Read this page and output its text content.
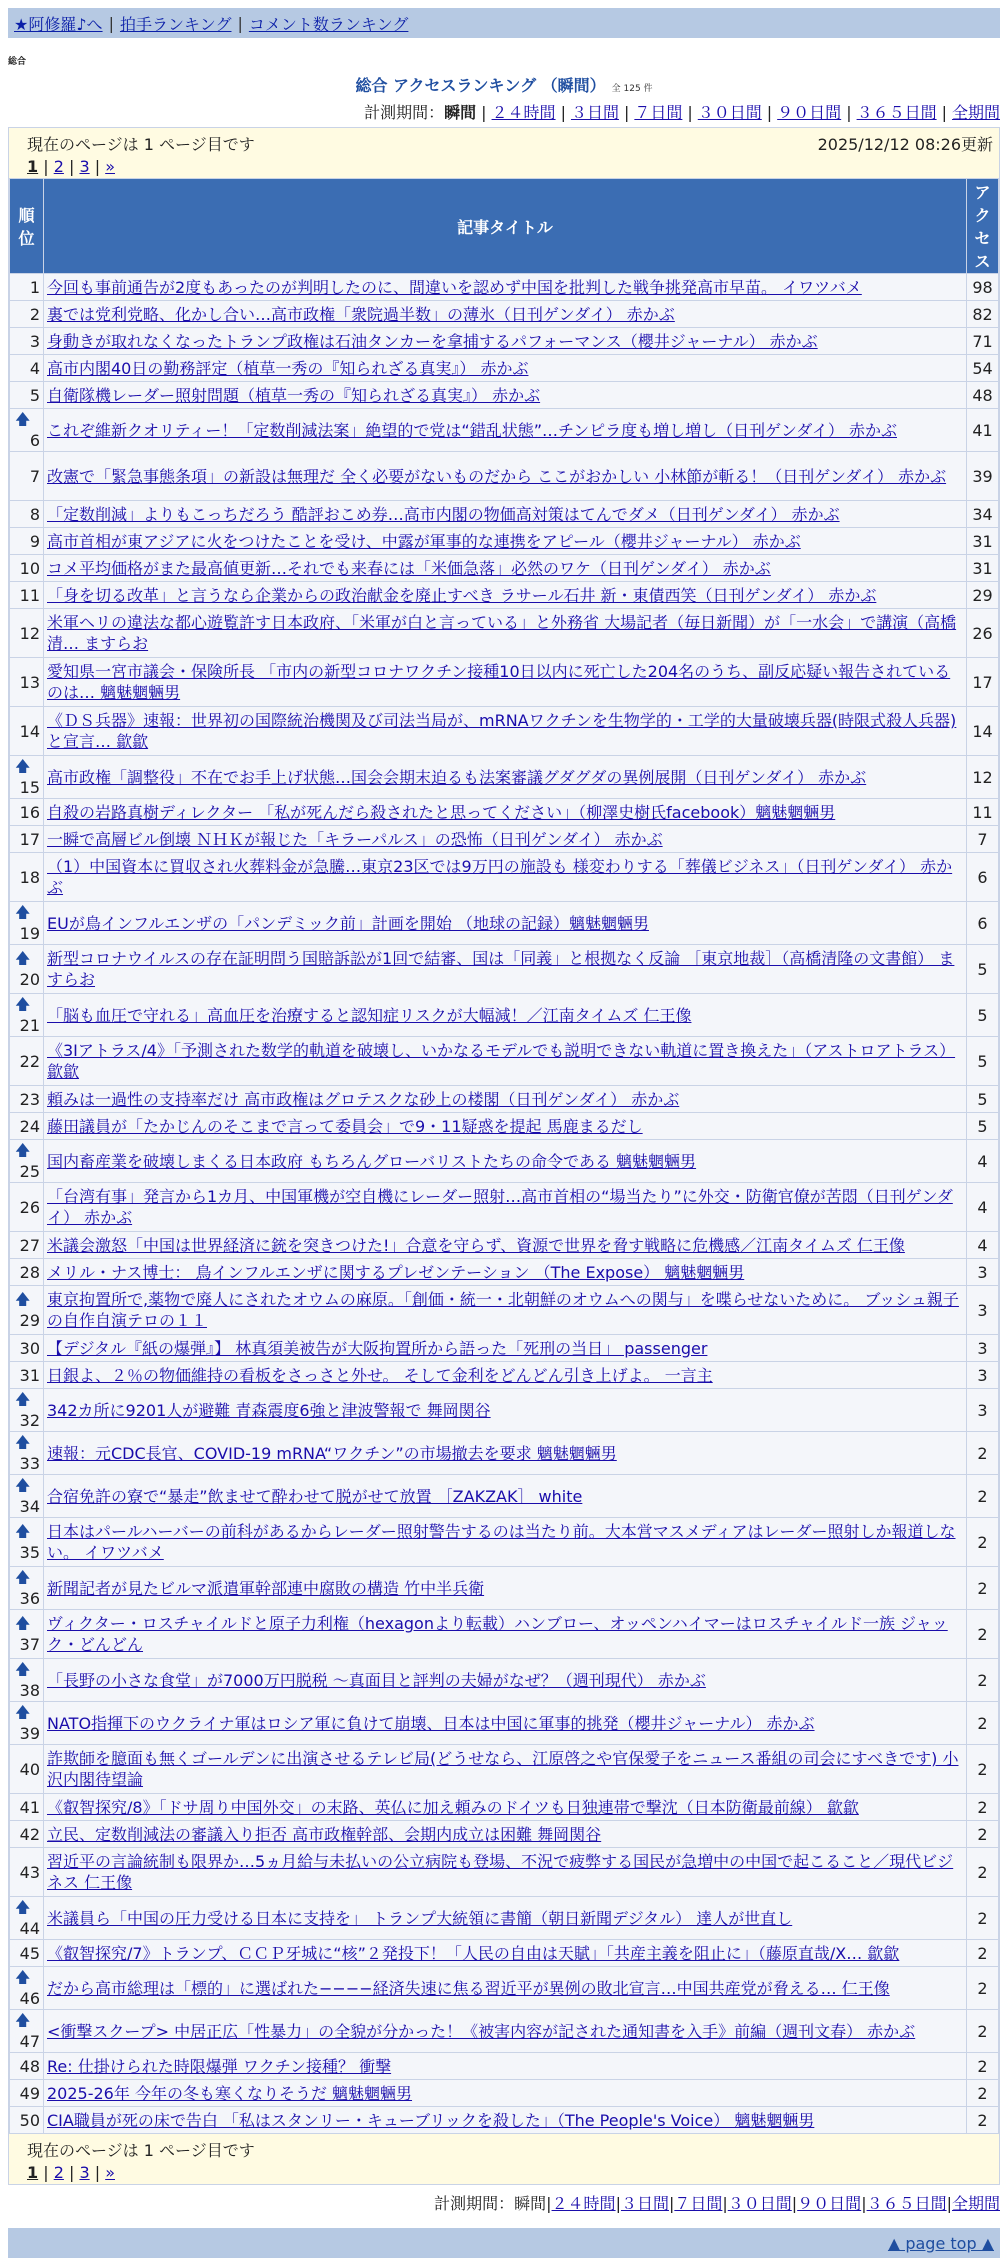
★阿修羅♪へ | 拍手ランキング | コメント数ランキング
総合
総合 アクセスランキング （瞬間） 全 125 件
計測期間：瞬間 | ２４時間 | ３日間 | ７日間 | ３０日間 | ９０日間 | ３６５日間 | 全期間
現在のページは 1 ページ目です	2025/12/12 08:26更新
1 | 2 | 3 | »
順位	記事タイトル	アクセス
1	今回も事前通告が2度もあったのが判明したのに、間違いを認めず中国を批判した戦争挑発高市早苗。 イワツバメ	98
2	裏では党利党略、化かし合い…高市政権「衆院過半数」の薄氷（日刊ゲンダイ） 赤かぶ	82
3	身動きが取れなくなったトランプ政権は石油タンカーを拿捕するパフォーマンス（櫻井ジャーナル） 赤かぶ	71
4	高市内閣40日の勤務評定（植草一秀の『知られざる真実』） 赤かぶ	54
5	自衛隊機レーダー照射問題（植草一秀の『知られざる真実』） 赤かぶ	48

🡅
6	これぞ維新クオリティー！「定数削減法案」絶望的で党は“錯乱状態”…チンピラ度も増し増し（日刊ゲンダイ） 赤かぶ	41
7	改憲で「緊急事態条項」の新設は無理だ 全く必要がないものだから ここがおかしい 小林節が斬る！（日刊ゲンダイ） 赤かぶ	39
8	「定数削減」よりもこっちだろう 酷評おこめ券…高市内閣の物価高対策はてんでダメ（日刊ゲンダイ） 赤かぶ	34
9	高市首相が東アジアに火をつけたことを受け、中露が軍事的な連携をアピール（櫻井ジャーナル） 赤かぶ	31
10	コメ平均価格がまた最高値更新…それでも来春には「米価急落」必然のワケ（日刊ゲンダイ） 赤かぶ	31
11	「身を切る改革」と言うなら企業からの政治献金を廃止すべき ラサール石井 新・東債西笑（日刊ゲンダイ） 赤かぶ	29
12	米軍ヘリの違法な都心遊覧許す日本政府、「米軍が白と言っている」と外務省 大場記者（毎日新聞）が「一水会」で講演（高橋清… ますらお	26
13	愛知県一宮市議会・保険所長 「市内の新型コロナワクチン接種10日以内に死亡した204名のうち、副反応疑い報告されているのは… 魑魅魍魎男	17
14	《ＤＳ兵器》速報：世界初の国際統治機関及び司法当局が、mRNAワクチンを生物学的・工学的大量破壊兵器(時限式殺人兵器)と宣言… 歙歙	14

🡅
15	高市政権「調整役」不在でお手上げ状態…国会会期末迫るも法案審議グダグダの異例展開（日刊ゲンダイ） 赤かぶ	12
16	自殺の岩路真樹ディレクター 「私が死んだら殺されたと思ってください」（柳澤史樹氏facebook）魑魅魍魎男	11
17	一瞬で高層ビル倒壊 ＮＨＫが報じた「キラーパルス」の恐怖（日刊ゲンダイ） 赤かぶ	7
18	（1）中国資本に買収され火葬料金が急騰…東京23区では9万円の施設も 様変わりする「葬儀ビジネス」（日刊ゲンダイ） 赤かぶ	6

🡅
19	EUが鳥インフルエンザの「パンデミック前」計画を開始 （地球の記録）魑魅魍魎男	6

🡅
20	新型コロナウイルスの存在証明問う国賠訴訟が1回で結審、国は「同義」と根拠なく反論 ［東京地裁］（高橋清隆の文書館） ますらお	5

🡅
21	「脳も血圧で守れる」高血圧を治療すると認知症リスクが大幅減！／江南タイムズ 仁王像	5
22	《3Iアトラス/4》「予測された数学的軌道を破壊し、いかなるモデルでも説明できない軌道に置き換えた」（アストロアトラス） 歙歙	5
23	頼みは一過性の支持率だけ 高市政権はグロテスクな砂上の楼閣（日刊ゲンダイ） 赤かぶ	5
24	藤田議員が「たかじんのそこまで言って委員会」で9・11疑惑を提起 馬鹿まるだし	5

🡅
25	国内畜産業を破壊しまくる日本政府 もちろんグローバリストたちの命令である 魑魅魍魎男	4
26	「台湾有事」発言から1カ月、中国軍機が空自機にレーダー照射…高市首相の“場当たり”に外交・防衛官僚が苦悶（日刊ゲンダイ） 赤かぶ	4
27	米議会激怒「中国は世界経済に銃を突きつけた!」合意を守らず、資源で世界を脅す戦略に危機感／江南タイムズ 仁王像	4
28	メリル・ナス博士： 鳥インフルエンザに関するプレゼンテーション （The Expose） 魑魅魍魎男	3

🡅
29	東京拘置所で,薬物で廃人にされたオウムの麻原。「創価・統一・北朝鮮のオウムへの関与」を喋らせないために。 ブッシュ親子の自作自演テロの１１	3
30	【デジタル『紙の爆弾』】 林真須美被告が大阪拘置所から語った「死刑の当日」 passenger	3
31	日銀よ、２％の物価維持の看板をさっさと外せ。 そして金利をどんどん引き上げよ。 一言主	3

🡅
32	342カ所に9201人が避難 青森震度6強と津波警報で 舞岡関谷	3

🡅
33	速報：元CDC長官、COVID-19 mRNA“ワクチン”の市場撤去を要求 魑魅魍魎男	2

🡅
34	合宿免許の寮で“暴走”飲ませて酔わせて脱がせて放置 ［ZAKZAK］ white	2

🡅
35	日本はパールハーバーの前科があるからレーダー照射警告するのは当たり前。大本営マスメディアはレーダー照射しか報道しない。 イワツバメ	2

🡅
36	新聞記者が見たビルマ派遣軍幹部連中腐敗の構造 竹中半兵衛	2

🡅
37	ヴィクター・ロスチャイルドと原子力利権（hexagonより転載）ハンブロー、オッペンハイマーはロスチャイルド一族 ジャック・どんどん	2

🡅
38	「長野の小さな食堂」が7000万円脱税 〜真面目と評判の夫婦がなぜ？（週刊現代） 赤かぶ	2

🡅
39	NATO指揮下のウクライナ軍はロシア軍に負けて崩壊、日本は中国に軍事的挑発（櫻井ジャーナル） 赤かぶ	2
40	詐欺師を臆面も無くゴールデンに出演させるテレビ局(どうせなら、江原啓之や官保愛子をニュース番組の司会にすべきです) 小沢内閣待望論	2
41	《叡智探究/8》「ドサ周り中国外交」の末路、英仏に加え頼みのドイツも日独連帯で撃沈（日本防衛最前線） 歙歙	2
42	立民、定数削減法の審議入り拒否 高市政権幹部、会期内成立は困難 舞岡関谷	2
43	習近平の言論統制も限界か…5ヵ月給与未払いの公立病院も登場、不況で疲弊する国民が急増中の中国で起こること／現代ビジネス 仁王像	2

🡅
44	米議員ら「中国の圧力受ける日本に支持を」 トランプ大統領に書簡（朝日新聞デジタル） 達人が世直し	2
45	《叡智探究/7》トランプ、ＣＣＰ牙城に“核”２発投下！「人民の自由は天賦」「共産主義を阻止に」（藤原直哉/X… 歙歙	2

🡅
46	だから高市総理は「標的」に選ばれた−−−−経済失速に焦る習近平が異例の敗北宣言…中国共産党が脅える… 仁王像	2

🡅
47	<衝撃スクープ> 中居正広「性暴力」の全貌が分かった！《被害内容が記された通知書を入手》前編（週刊文春） 赤かぶ	2
48	Re: 仕掛けられた時限爆弾 ワクチン接種？ 衝撃	2
49	2025-26年 今年の冬も寒くなりそうだ 魑魅魍魎男	2
50	CIA職員が死の床で告白 「私はスタンリー・キューブリックを殺した」（The People's Voice） 魑魅魍魎男	2
現在のページは 1 ページ目です
1 | 2 | 3 | »
計測期間：瞬間|２４時間|３日間|７日間|３０日間|９０日間|３６５日間|全期間
▲ page top ▲
